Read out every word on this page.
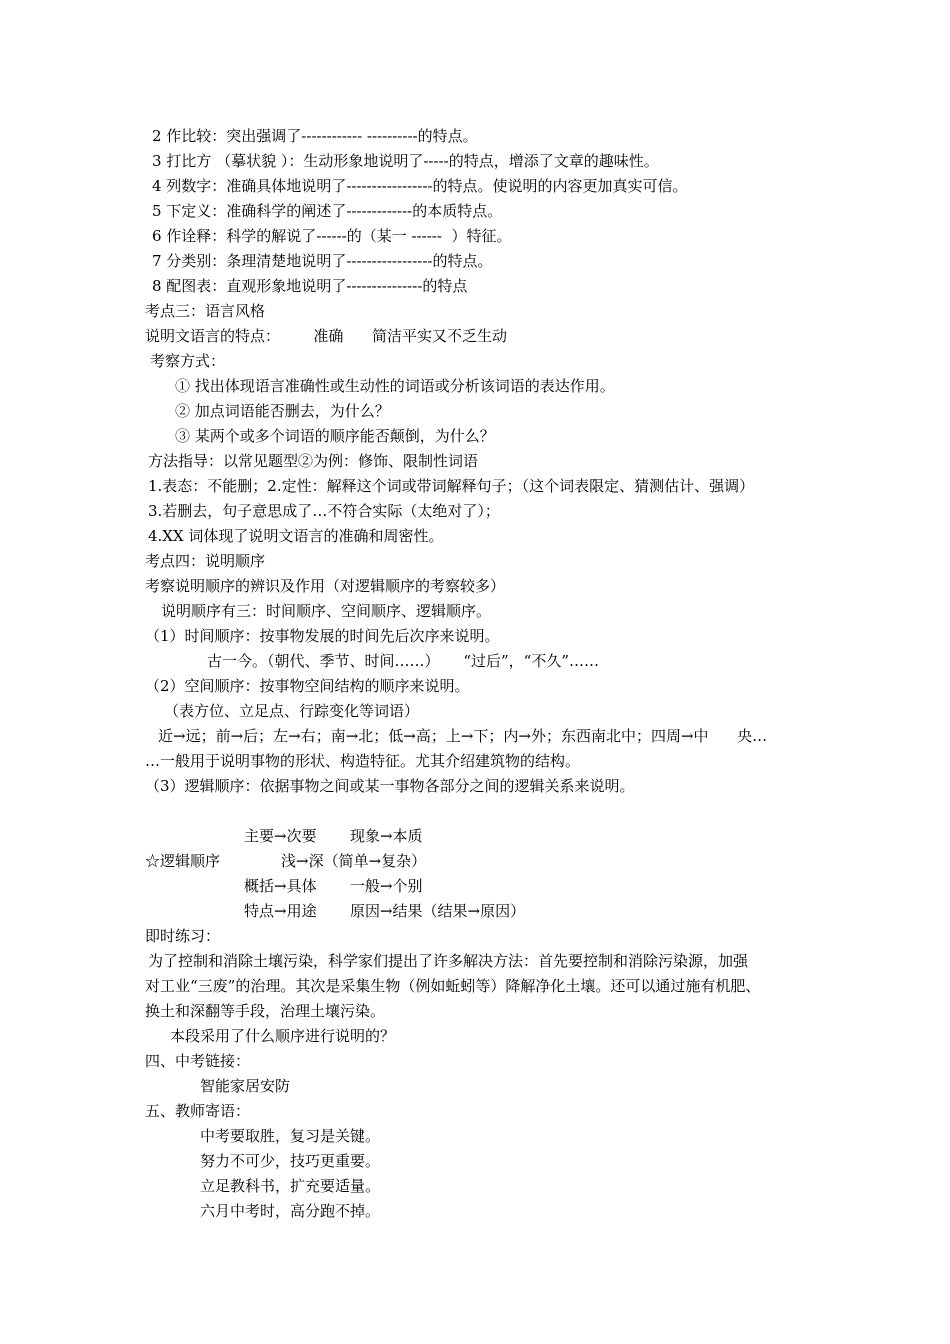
2 作比较：突出强调了------------ ----------的特点。
3 打比方 （摹状貌 ）：生动形象地说明了-----的特点，增添了文章的趣味性。
4 列数字：准确具体地说明了-----------------的特点。使说明的内容更加真实可信。
5 下定义：准确科学的阐述了-------------的本质特点。
6 作诠释：科学的解说了------的（某一 ------  ）特征。
7 分类别：条理清楚地说明了-----------------的特点。
8 配图表：直观形象地说明了---------------的特点
考点三：语言风格
说明文语言的特点：       准确      简洁平实又不乏生动
考察方式：
① 找出体现语言准确性或生动性的词语或分析该词语的表达作用。
② 加点词语能否删去，为什么？
③ 某两个或多个词语的顺序能否颠倒，为什么？
方法指导：以常见题型②为例：修饰、限制性词语
1.表态：不能删；2.定性：解释这个词或带词解释句子；（这个词表限定、猜测估计、强调）
3.若删去，句子意思成了…不符合实际（太绝对了）；
4.XX 词体现了说明文语言的准确和周密性。
考点四：说明顺序
考察说明顺序的辨识及作用（对逻辑顺序的考察较多）
说明顺序有三：时间顺序、空间顺序、逻辑顺序。
（1）时间顺序：按事物发展的时间先后次序来说明。
古一今。（朝代、季节、时间……）     “过后”，“不久”……
（2）空间顺序：按事物空间结构的顺序来说明。
（表方位、立足点、行踪变化等词语）
近→远；前→后；左→右；南→北；低→高；上→下；内→外；东西南北中；四周→中      央…
…一般用于说明事物的形状、构造特征。尤其介绍建筑物的结构。
（3）逻辑顺序：依据事物之间或某一事物各部分之间的逻辑关系来说明。
主要→次要       现象→本质
☆逻辑顺序	浅→深（简单→复杂）
概括→具体       一般→个别
特点→用途       原因→结果（结果→原因）
即时练习：
为了控制和消除土壤污染，科学家们提出了许多解决方法：首先要控制和消除污染源，加强
对工业“三废”的治理。其次是采集生物（例如蚯蚓等）降解净化土壤。还可以通过施有机肥、
换土和深翻等手段，治理土壤污染。
本段采用了什么顺序进行说明的？
四、中考链接：
智能家居安防
五、教师寄语：
中考要取胜，复习是关键。
努力不可少，技巧更重要。
立足教科书，扩充要适量。
六月中考时，高分跑不掉。
